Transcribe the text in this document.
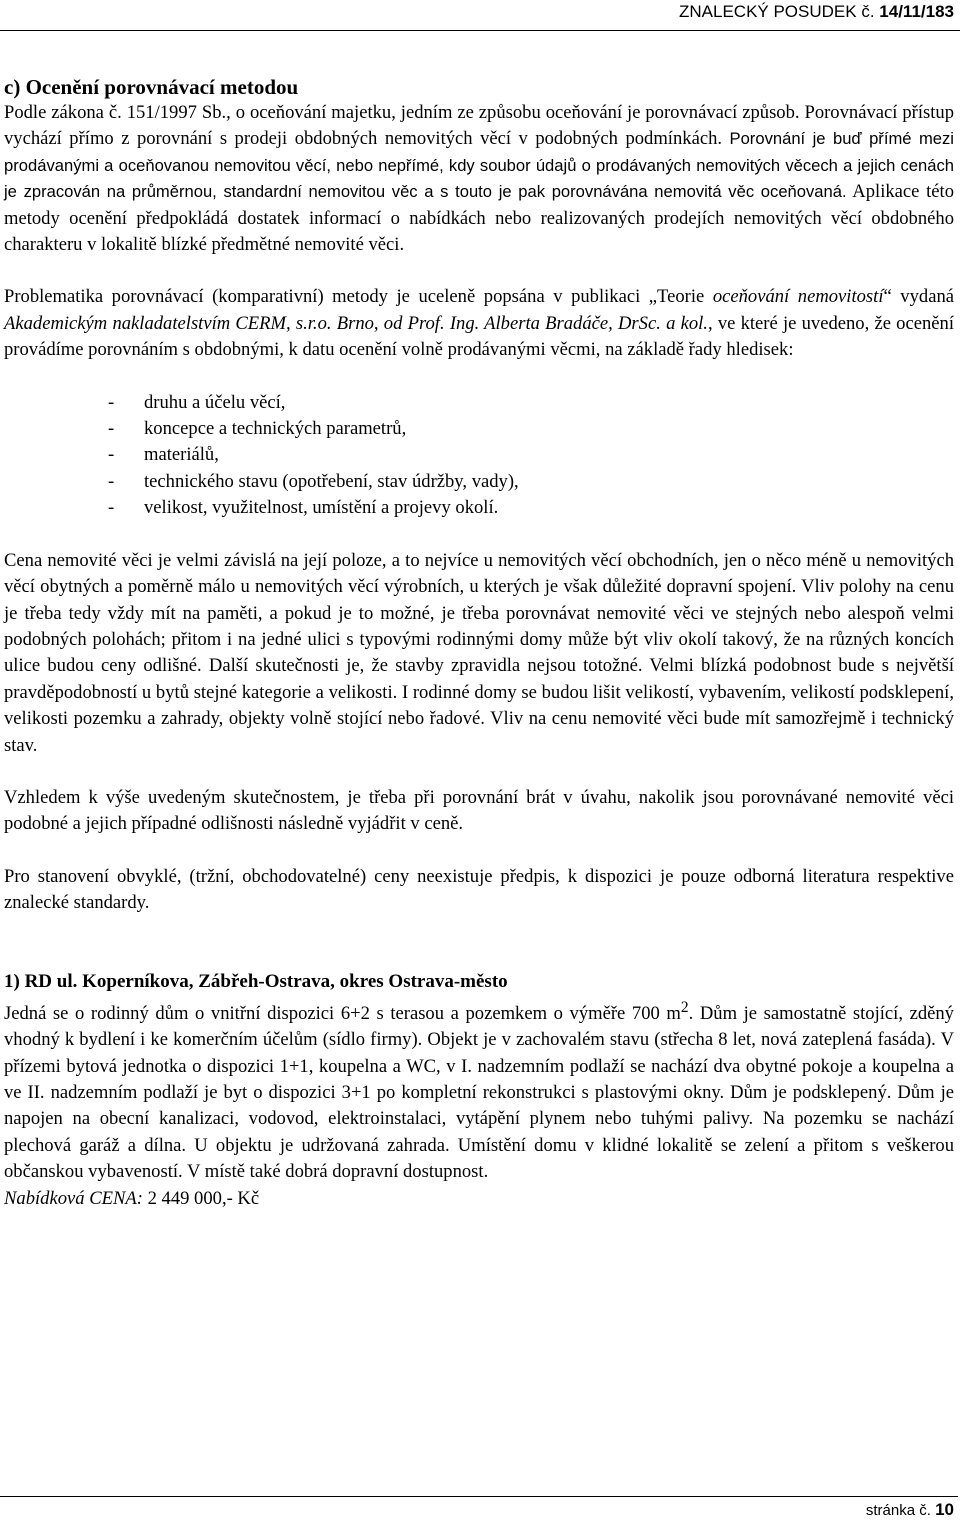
ZNALECKÝ POSUDEK č. 14/11/183

c) Ocenění porovnávací metodou

Podle zákona č. 151/1997 Sb., o oceňování majetku, jedním ze způsobu oceňování je porovnávací způsob. Porovnávací přístup vychází přímo z porovnání s prodeji obdobných nemovitých věcí v podobných podmínkách. Porovnání je buď přímé mezi prodávanými a oceňovanou nemovitou věcí, nebo nepřímé, kdy soubor údajů o prodávaných nemovitých věcech a jejich cenách je zpracován na průměrnou, standardní nemovitou věc a s touto je pak porovnávána nemovitá věc oceňovaná. Aplikace této metody ocenění předpokládá dostatek informací o nabídkách nebo realizovaných prodejích nemovitých věcí obdobného charakteru v lokalitě blízké předmětné nemovité věci.

Problematika porovnávací (komparativní) metody je uceleně popsána v publikaci „Teorie oceňování nemovitostí“ vydaná Akademickým nakladatelstvím CERM, s.r.o. Brno, od Prof. Ing. Alberta Bradáče, DrSc. a kol., ve které je uvedeno, že ocenění provádíme porovnáním s obdobnými, k datu ocenění volně prodávanými věcmi, na základě řady hledisek:

- druhu a účelu věcí,
- koncepce a technických parametrů,
- materiálů,
- technického stavu (opotřebení, stav údržby, vady),
- velikost, využitelnost, umístění a projevy okolí.

Cena nemovité věci je velmi závislá na její poloze, a to nejvíce u nemovitých věcí obchodních, jen o něco méně u nemovitých věcí obytných a poměrně málo u nemovitých věcí výrobních, u kterých je však důležité dopravní spojení. Vliv polohy na cenu je třeba tedy vždy mít na paměti, a pokud je to možné, je třeba porovnávat nemovité věci ve stejných nebo alespoň velmi podobných polohách; přitom i na jedné ulici s typovými rodinnými domy může být vliv okolí takový, že na různých koncích ulice budou ceny odlišné. Další skutečnosti je, že stavby zpravidla nejsou totožné. Velmi blízká podobnost bude s největší pravděpodobností u bytů stejné kategorie a velikosti. I rodinné domy se budou lišit velikostí, vybavením, velikostí podsklepení, velikosti pozemku a zahrady, objekty volně stojící nebo řadové. Vliv na cenu nemovité věci bude mít samozřejmě i technický stav.

Vzhledem k výše uvedeným skutečnostem, je třeba při porovnání brát v úvahu, nakolik jsou porovnávané nemovité věci podobné a jejich případné odlišnosti následně vyjádřit v ceně.

Pro stanovení obvyklé, (tržní, obchodovatelné) ceny neexistuje předpis, k dispozici je pouze odborná literatura respektive znalecké standardy.

1) RD ul. Koperníkova, Zábřeh-Ostrava, okres Ostrava-město

Jedná se o rodinný dům o vnitřní dispozici 6+2 s terasou a pozemkem o výměře 700 $m^2$. Dům je samostatně stojící, zděný vhodný k bydlení i ke komerčním účelům (sídlo firmy). Objekt je v zachovalém stavu (střecha 8 let, nová zateplená fasáda). V přízemi bytová jednotka o dispozici 1+1, koupelna a WC, v I. nadzemním podlaží se nachází dva obytné pokoje a koupelna a ve II. nadzemním podlaží je byt o dispozici 3+1 po kompletní rekonstrukci s plastovými okny. Dům je podsklepený. Dům je napojen na obecní kanalizaci, vodovod, elektroinstalaci, vytápění plynem nebo tuhými palivy. Na pozemku se nachází plechová garáž a dílna. U objektu je udržovaná zahrada. Umístění domu v klidné lokalitě se zelení a přitom s veškerou občanskou vybaveností. V místě také dobrá dopravní dostupnost.

Nabídková CENA: 2 449 000,- Kč

stránka č. 10
